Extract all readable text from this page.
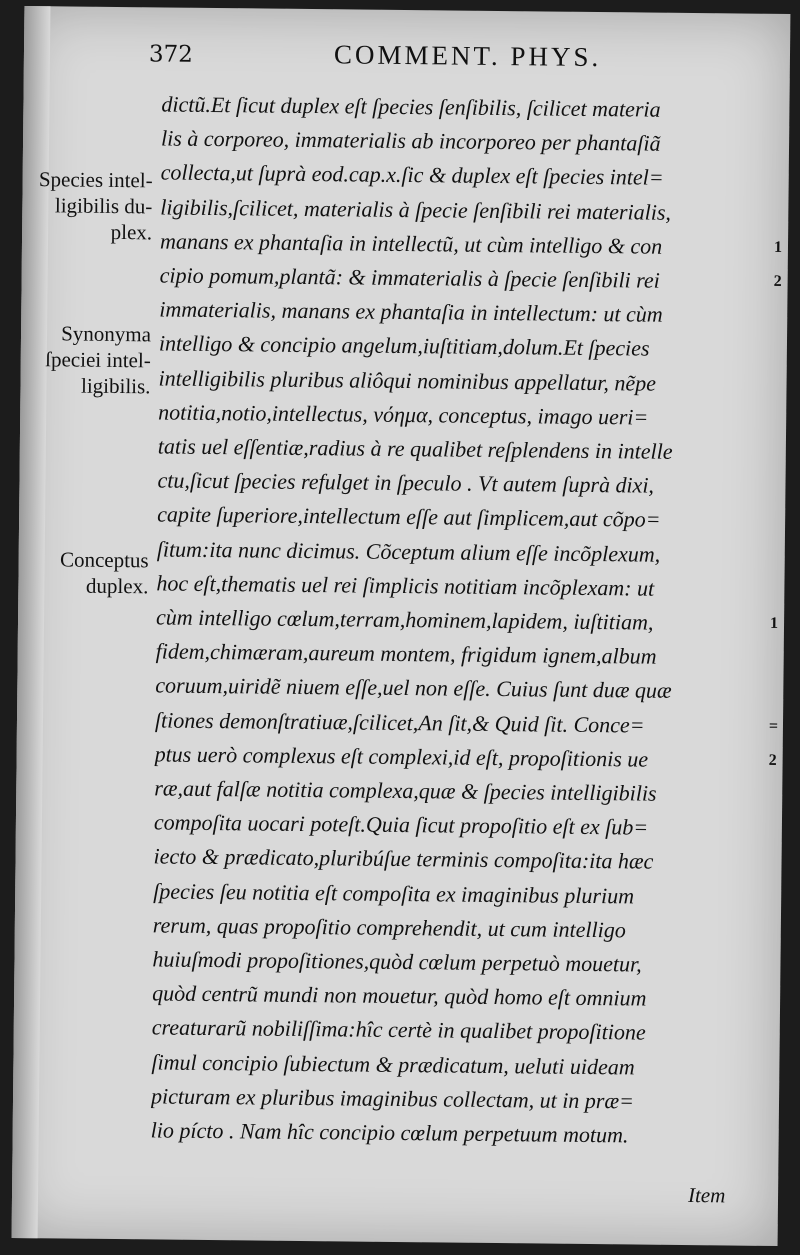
372	COMMENT. PHYS.
Species intel-
ligibilis du-
plex.
Synonyma
ſpeciei intel-
ligibilis.
Conceptus
duplex.
dictũ.Et ſicut duplex eſt ſpecies ſenſibilis, ſcilicet materia
lis à corporeo, immaterialis ab incorporeo per phantaſiã
collecta,ut ſuprà eod.cap.x.ſic & duplex eſt ſpecies intel=
ligibilis,ſcilicet, materialis à ſpecie ſenſibili rei materialis,
manans ex phantaſia in intellectũ, ut cùm intelligo & con
cipio pomum,plantã: & immaterialis à ſpecie ſenſibili rei
immaterialis, manans ex phantaſia in intellectum: ut cùm
intelligo & concipio angelum,iuſtitiam,dolum.Et ſpecies
intelligibilis pluribus aliôqui nominibus appellatur, nẽpe
notitia,notio,intellectus, νόημα, conceptus, imago ueri=
tatis uel eſſentiæ,radius à re qualibet reſplendens in intelle
ctu,ſicut ſpecies refulget in ſpeculo . Vt autem ſuprà dixi,
capite ſuperiore,intellectum eſſe aut ſimplicem,aut cõpo=
ſitum:ita nunc dicimus. Cõceptum alium eſſe incõplexum,
hoc eſt,thematis uel rei ſimplicis notitiam incõplexam: ut
cùm intelligo cœlum,terram,hominem,lapidem, iuſtitiam,
fidem,chimæram,aureum montem, frigidum ignem,album
coruum,uiridẽ niuem eſſe,uel non eſſe. Cuius ſunt duæ quæ
ſtiones demonſtratiuæ,ſcilicet,An ſit,& Quid ſit. Conce=
ptus uerò complexus eſt complexi,id eſt, propoſitionis ue
ræ,aut falſæ notitia complexa,quæ & ſpecies intelligibilis
compoſita uocari poteſt.Quia ſicut propoſitio eſt ex ſub=
iecto & prædicato,pluribúſue terminis compoſita:ita hæc
ſpecies ſeu notitia eſt compoſita ex imaginibus plurium
rerum, quas propoſitio comprehendit, ut cum intelligo
huiuſmodi propoſitiones,quòd cœlum perpetuò mouetur,
quòd centrũ mundi non mouetur, quòd homo eſt omnium
creaturarũ nobiliſſima:hîc certè in qualibet propoſitione
ſimul concipio ſubiectum & prædicatum, ueluti uideam
picturam ex pluribus imaginibus collectam, ut in præ=
lio pícto . Nam hîc concipio cœlum perpetuum motum.
1
2
1
=
2
Item
